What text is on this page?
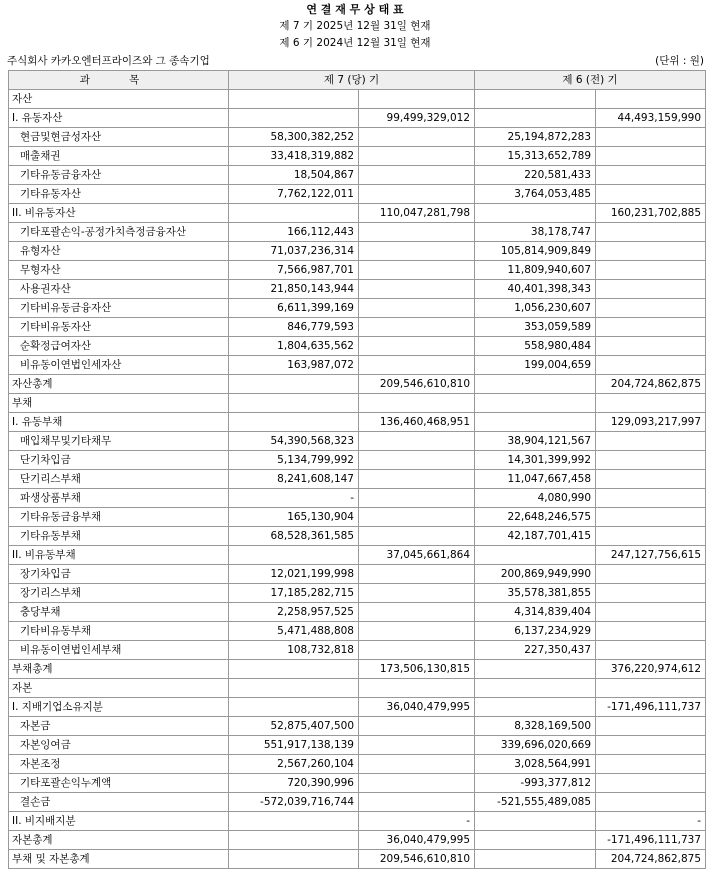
연 결 재 무 상 태 표
제 7 기 2025년 12월 31일 현재
제 6 기 2024년 12월 31일 현재
주식회사 카카오엔터프라이즈와 그 종속기업	(단위 : 원)
과 목	제 7 (당) 기		제 6 (전) 기	
자산				
I. 유동자산		99,499,329,012		44,493,159,990
현금및현금성자산	58,300,382,252		25,194,872,283	
매출채권	33,418,319,882		15,313,652,789	
기타유동금융자산	18,504,867		220,581,433	
기타유동자산	7,762,122,011		3,764,053,485	
II. 비유동자산		110,047,281,798		160,231,702,885
기타포괄손익-공정가치측정금융자산	166,112,443		38,178,747	
유형자산	71,037,236,314		105,814,909,849	
무형자산	7,566,987,701		11,809,940,607	
사용권자산	21,850,143,944		40,401,398,343	
기타비유동금융자산	6,611,399,169		1,056,230,607	
기타비유동자산	846,779,593		353,059,589	
순확정급여자산	1,804,635,562		558,980,484	
비유동이연법인세자산	163,987,072		199,004,659	
자산총계		209,546,610,810		204,724,862,875
부채				
I. 유동부채		136,460,468,951		129,093,217,997
매입채무및기타채무	54,390,568,323		38,904,121,567	
단기차입금	5,134,799,992		14,301,399,992	
단기리스부채	8,241,608,147		11,047,667,458	
파생상품부채	-		4,080,990	
기타유동금융부채	165,130,904		22,648,246,575	
기타유동부채	68,528,361,585		42,187,701,415	
II. 비유동부채		37,045,661,864		247,127,756,615
장기차입금	12,021,199,998		200,869,949,990	
장기리스부채	17,185,282,715		35,578,381,855	
충당부채	2,258,957,525		4,314,839,404	
기타비유동부채	5,471,488,808		6,137,234,929	
비유동이연법인세부채	108,732,818		227,350,437	
부채총계		173,506,130,815		376,220,974,612
자본				
I. 지배기업소유지분		36,040,479,995		-171,496,111,737
자본금	52,875,407,500		8,328,169,500	
자본잉여금	551,917,138,139		339,696,020,669	
자본조정	2,567,260,104		3,028,564,991	
기타포괄손익누계액	720,390,996		-993,377,812	
결손금	-572,039,716,744		-521,555,489,085	
II. 비지배지분		-		-
자본총계		36,040,479,995		-171,496,111,737
부채 및 자본총계		209,546,610,810		204,724,862,875
